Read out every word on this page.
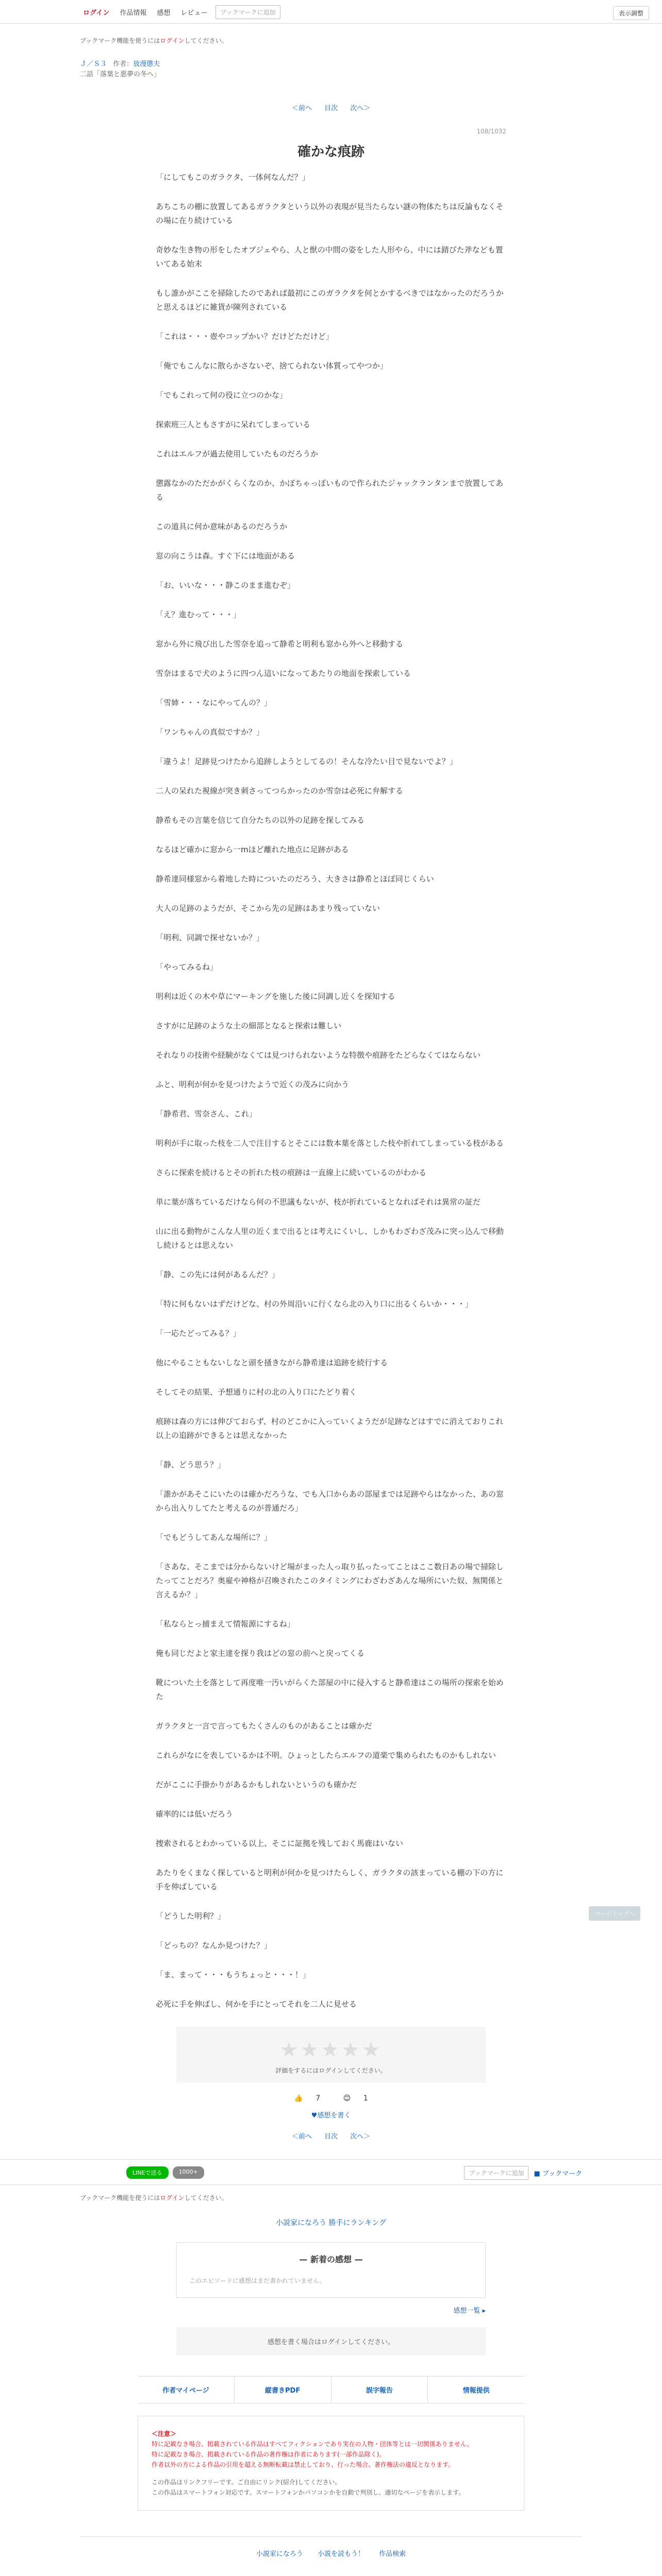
ログイン	作品情報	感想	レビュー	ブックマークに追加	表示調整
ブックマーク機能を使うにはログインしてください。
Ｊ／Ｓ３ 作者：放漫懲夫
二話「落葉と悪夢の冬へ」
＜前へ 目次 次へ＞
108/1032
確かな痕跡

「にしてもこのガラクタ、一体何なんだ？」

あちこちの棚に放置してあるガラクタという以外の表現が見当たらない謎の物体たちは反論もなくその場に在り続けている

奇妙な生き物の形をしたオブジェやら、人と獣の中間の姿をした人形やら、中には錆びた斧なども置いてある始末

もし誰かがここを掃除したのであれば最初にこのガラクタを何とかするべきではなかったのだろうかと思えるほどに雑貨が陳列されている

「これは・・・壺やコップかい？だけどただけど」

「俺でもこんなに散らかさないぞ、捨てられない体質ってやつか」

「でもこれって何の役に立つのかな」

探索班三人ともさすがに呆れてしまっている

これはエルフが過去使用していたものだろうか

懲露なかのただかがくらくなのか、かぼちゃっぽいもので作られたジャックランタンまで放置してある

この道具に何か意味があるのだろうか

窓の向こうは森。すぐ下には地面がある

「お、いいな・・・静このまま進むぞ」

「え？進むって・・・」

窓から外に飛び出した雪奈を追って静希と明利も窓から外へと移動する

雪奈はまるで犬のように四つん這いになってあたりの地面を探索している

「雪姉・・・なにやってんの？」

「ワンちゃんの真似ですか？」

「違うよ！足跡見つけたから追跡しようとしてるの！そんな冷たい目で見ないでよ？」

二人の呆れた視線が突き刺さってつらかったのか雪奈は必死に弁解する

静希もその言葉を信じて自分たちの以外の足跡を探してみる

なるほど確かに窓から一mほど離れた地点に足跡がある

静希達同様窓から着地した時についたのだろう、大きさは静希とほぼ同じくらい

大人の足跡のようだが、そこから先の足跡はあまり残っていない

「明利、同調で探せないか？」

「やってみるね」

明利は近くの木や草にマーキングを施した後に同調し近くを探知する

さすがに足跡のような土の細部となると探索は難しい

それなりの技術や経験がなくては見つけられないような特徴や痕跡をたどらなくてはならない

ふと、明利が何かを見つけたようで近くの茂みに向かう

「静希君、雪奈さん、これ」

明利が手に取った枝を二人で注目するとそこには数本葉を落とした枝や折れてしまっている枝がある

さらに探索を続けるとその折れた枝の痕跡は一直線上に続いているのがわかる

単に葉が落ちているだけなら何の不思議もないが、枝が折れているとなればそれは異常の証だ

山に出る動物がこんな人里の近くまで出るとは考えにくいし、しかもわざわざ茂みに突っ込んで移動し続けるとは思えない

「静、この先には何があるんだ？」

「特に何もないはずだけどな、村の外周沿いに行くなら北の入り口に出るくらいか・・・」

「一応たどってみる？」

他にやることもないしなと頭を掻きながら静希達は追跡を続行する

そしてその結果、予想通りに村の北の入り口にたどり着く

痕跡は森の方には伸びておらず、村のどこかに入っていくようだが足跡などはすでに消えておりこれ以上の追跡ができるとは思えなかった

「静、どう思う？」

「誰かがあそこにいたのは確かだろうな、でも入口からあの部屋までは足跡やらはなかった、あの窓から出入りしてたと考えるのが普通だろ」

「でもどうしてあんな場所に？」

「さあな、そこまでは分からないけど場がまった人っ取り払ったってことはここ数日あの場で掃除したってことだろ？奥雇や神格が召喚されたこのタイミングにわざわざあんな場所にいた奴、無関係と言えるか？」

「私ならとっ捕まえて情報源にするね」

俺も同じだよと家主達を探り我はどの窓の前へと戻ってくる

靴についた土を落として再度唯一汚いがらくた部屋の中に侵入すると静希達はこの場所の探索を始めた

ガラクタと一言で言ってもたくさんのものがあることは確かだ

これらがなにを表しているかは不明。ひょっとしたらエルフの道楽で集められたものかもしれない

だがここに手掛かりがあるかもしれないというのも確かだ

確率的には低いだろう

捜索されるとわかっている以上、そこに証拠を残しておく馬鹿はいない

あたりをくまなく探していると明利が何かを見つけたらしく、ガラクタの該まっている棚の下の方に手を伸ばしている

「どうした明利？」

「どっちの？なんか見つけた？」

「ま、まって・・・もうちょっと・・・！」

必死に手を伸ばし、何かを手にとってそれを二人に見せる

★★★★★
評価をするにはログインしてください。
👍 7	😊 1
♥感想を書く
＜前へ 目次 次へ＞
LINEで送る	1000+	ブックマークに追加	■ ブックマーク
ブックマーク機能を使うにはログインしてください。
小説家になろう 勝手にランキング
— 新着の感想 —
このエピソードに感想はまだ書かれていません。
感想一覧 ▸
感想を書く場合はログインしてください。
作者マイページ	縦書きPDF	誤字報告	情報提供
＜注意＞
特に記載なき場合、掲載されている作品はすべてフィクションであり実在の人物・団体等とは一切関係ありません。
特に記載なき場合、掲載されている作品の著作権は作者にあります(一部作品除く)。
作者以外の方による作品の引用を超える無断転載は禁止しており、行った場合、著作権法の違反となります。
この作品はリンクフリーです。ご自由にリンク(紹介)してください。
この作品はスマートフォン対応です。スマートフォンかパソコンかを自動で判別し、適切なページを表示します。
小説家になろう 小説を読もう！ 作品検索
ページトップへ
